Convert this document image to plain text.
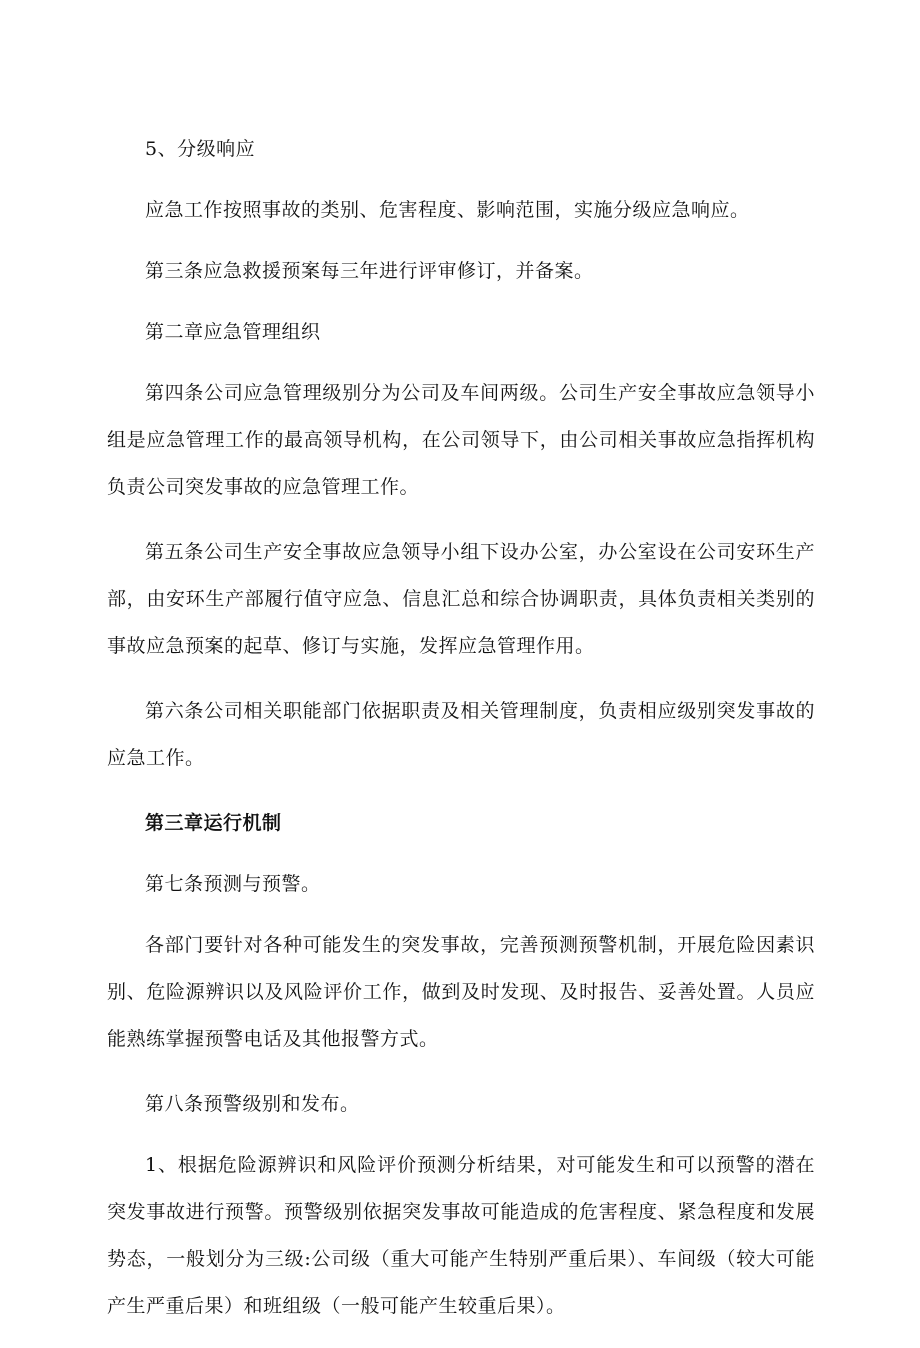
5、分级响应

应急工作按照事故的类别、危害程度、影响范围，实施分级应急响应。

第三条应急救援预案每三年进行评审修订，并备案。

第二章应急管理组织

第四条公司应急管理级别分为公司及车间两级。公司生产安全事故应急领导小组是应急管理工作的最高领导机构，在公司领导下，由公司相关事故应急指挥机构负责公司突发事故的应急管理工作。

第五条公司生产安全事故应急领导小组下设办公室，办公室设在公司安环生产部，由安环生产部履行值守应急、信息汇总和综合协调职责，具体负责相关类别的事故应急预案的起草、修订与实施，发挥应急管理作用。

第六条公司相关职能部门依据职责及相关管理制度，负责相应级别突发事故的应急工作。

第三章运行机制

第七条预测与预警。

各部门要针对各种可能发生的突发事故，完善预测预警机制，开展危险因素识别、危险源辨识以及风险评价工作，做到及时发现、及时报告、妥善处置。人员应能熟练掌握预警电话及其他报警方式。

第八条预警级别和发布。

1、根据危险源辨识和风险评价预测分析结果，对可能发生和可以预警的潜在突发事故进行预警。预警级别依据突发事故可能造成的危害程度、紧急程度和发展势态，一般划分为三级:公司级（重大可能产生特别严重后果）、车间级（较大可能产生严重后果）和班组级（一般可能产生较重后果）。
